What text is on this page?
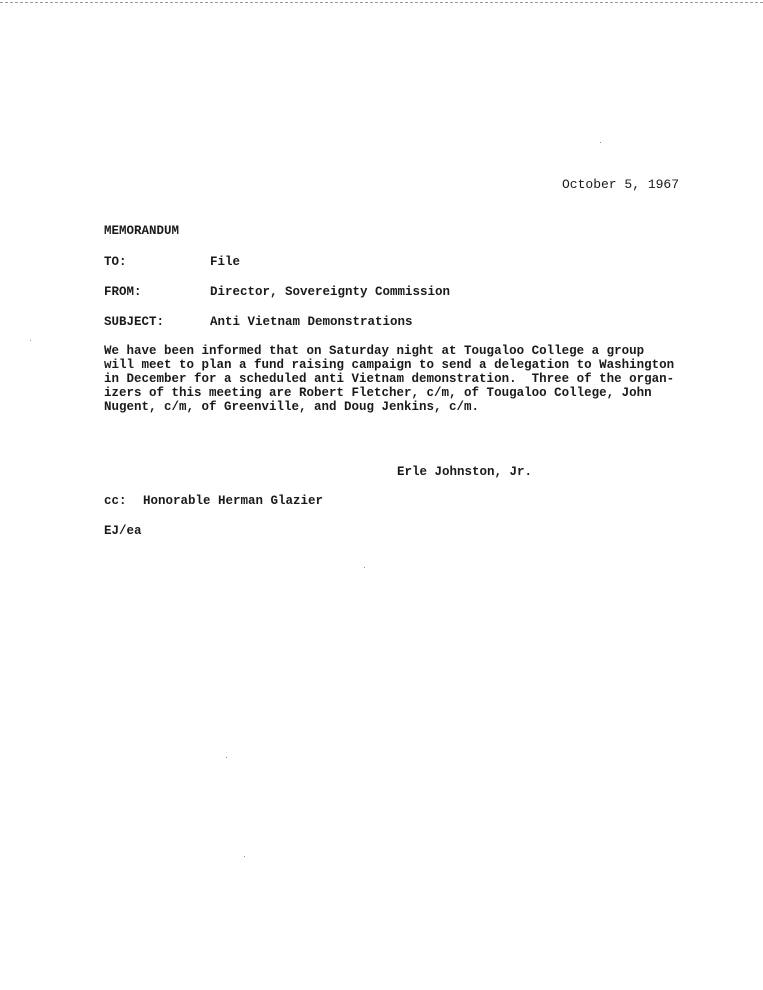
October 5, 1967
MEMORANDUM
TO:	File
FROM:	Director, Sovereignty Commission
SUBJECT:	Anti Vietnam Demonstrations
We have been informed that on Saturday night at Tougaloo College a group
will meet to plan a fund raising campaign to send a delegation to Washington
in December for a scheduled anti Vietnam demonstration.  Three of the organ-
izers of this meeting are Robert Fletcher, c/m, of Tougaloo College, John
Nugent, c/m, of Greenville, and Doug Jenkins, c/m.
Erle Johnston, Jr.
cc: Honorable Herman Glazier
EJ/ea
